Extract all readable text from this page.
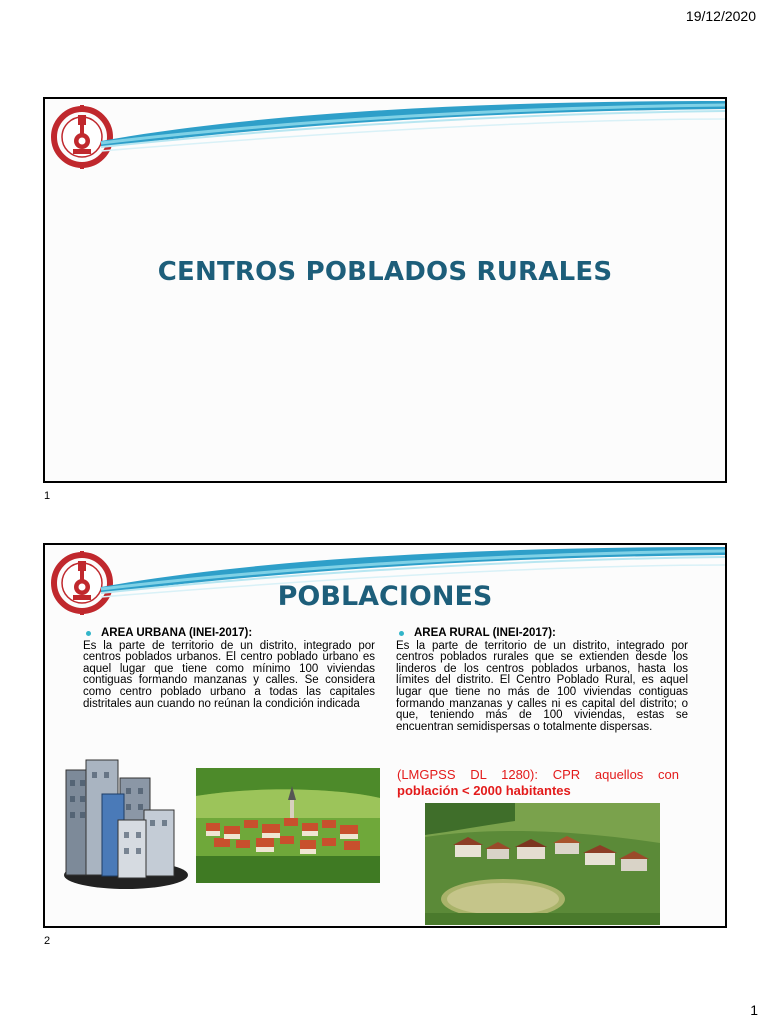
19/12/2020
CENTROS POBLADOS RURALES
1
POBLACIONES
AREA URBANA (INEI-2017):

Es la parte de territorio de un distrito, integrado por centros poblados urbanos. El centro poblado urbano es aquel lugar que tiene como mínimo 100 viviendas contiguas formando manzanas y calles. Se considera como centro poblado urbano a todas las capitales distritales aun cuando no reúnan la condición indicada

AREA RURAL (INEI-2017):

Es la parte de territorio de un distrito, integrado por centros poblados rurales que se extienden desde los linderos de los centros poblados urbanos, hasta los límites del distrito. El Centro Poblado Rural, es aquel lugar que tiene no más de 100 viviendas contiguas formando manzanas y calles ni es capital del distrito; o que, teniendo más de 100 viviendas, estas se encuentran semidispersas o totalmente dispersas.

(LMGPSS DL 1280): CPR aquellos con población < 2000 habitantes
2
1
